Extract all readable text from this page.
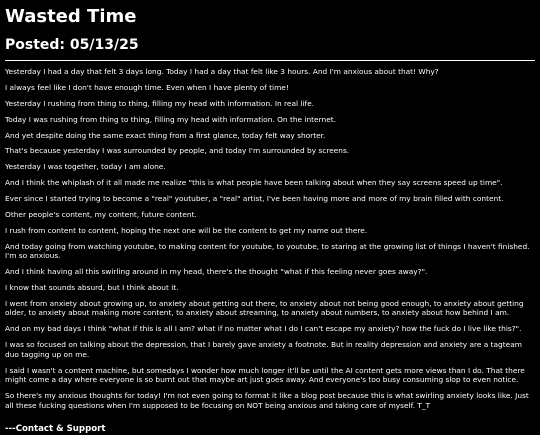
Wasted Time
Posted: 05/13/25

Yesterday I had a day that felt 3 days long. Today I had a day that felt like 3 hours. And I'm anxious about that! Why?

I always feel like I don't have enough time. Even when I have plenty of time!

Yesterday I rushing from thing to thing, filling my head with information. In real life.

Today I was rushing from thing to thing, filling my head with information. On the internet.

And yet despite doing the same exact thing from a first glance, today felt way shorter.

That's because yesterday I was surrounded by people, and today I'm surrounded by screens.

Yesterday I was together, today I am alone.

And I think the whiplash of it all made me realize "this is what people have been talking about when they say screens speed up time".

Ever since I started trying to become a "real" youtuber, a "real" artist, I've been having more and more of my brain filled with content.

Other people's content, my content, future content.

I rush from content to content, hoping the next one will be the content to get my name out there.

And today going from watching youtube, to making content for youtube, to youtube, to staring at the growing list of things I haven't finished. I'm so anxious.

And I think having all this swirling around in my head, there's the thought "what if this feeling never goes away?".

I know that sounds absurd, but I think about it.

I went from anxiety about growing up, to anxiety about getting out there, to anxiety about not being good enough, to anxiety about getting older, to anxiety about making more content, to anxiety about streaming, to anxiety about numbers, to anxiety about how behind I am.

And on my bad days I think "what if this is all I am? what if no matter what I do I can't escape my anxiety? how the fuck do I live like this?".

I was so focused on talking about the depression, that I barely gave anxiety a footnote. But in reality depression and anxiety are a tagteam duo tagging up on me.

I said I wasn't a content machine, but somedays I wonder how much longer it'll be until the AI content gets more views than I do. That there might come a day where everyone is so burnt out that maybe art just goes away. And everyone's too busy consuming slop to even notice.

So there's my anxious thoughts for today! I'm not even going to format it like a blog post because this is what swirling anxiety looks like. Just all these fucking questions when I'm supposed to be focusing on NOT being anxious and taking care of myself. T_T

---Contact & Support
